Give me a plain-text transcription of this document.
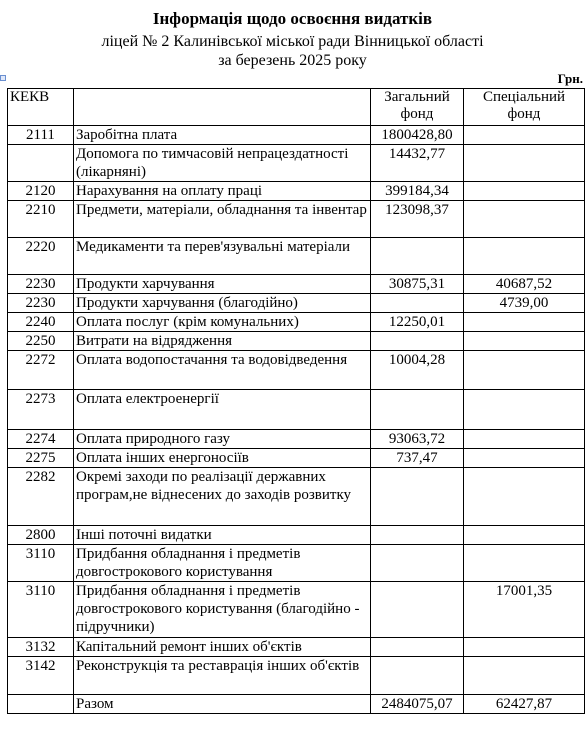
Інформація щодо освоєння видатків
ліцей № 2 Калинівської міської ради Вінницької області
за березень 2025 року
Грн.
КЕКВ		Загальний фонд	Спеціальний фонд
2111	Заробітна плата	1800428,80	
	Допомога по тимчасовій непрацездатності (лікарняні)	14432,77	
2120	Нарахування на оплату праці	399184,34	
2210	Предмети, матеріали, обладнання та інвентар	123098,37	
2220	Медикаменти та перев'язувальні матеріали		
2230	Продукти харчування	30875,31	40687,52
2230	Продукти харчування (благодійно)		4739,00
2240	Оплата послуг (крім комунальних)	12250,01	
2250	Витрати на відрядження		
2272	Оплата водопостачання та водовідведення	10004,28	
2273	Оплата електроенергії		
2274	Оплата природного газу	93063,72	
2275	Оплата інших енергоносіїв	737,47	
2282	Окремі заходи по реалізації державних програм,не віднесених до заходів розвитку		
2800	Інші поточні видатки		
3110	Придбання обладнання і предметів довгострокового користування		
3110	Придбання обладнання і предметів довгострокового користування (благодійно - підручники)		17001,35
3132	Капітальний ремонт інших об'єктів		
3142	Реконструкція та реставрація інших об'єктів		
	Разом	2484075,07	62427,87
